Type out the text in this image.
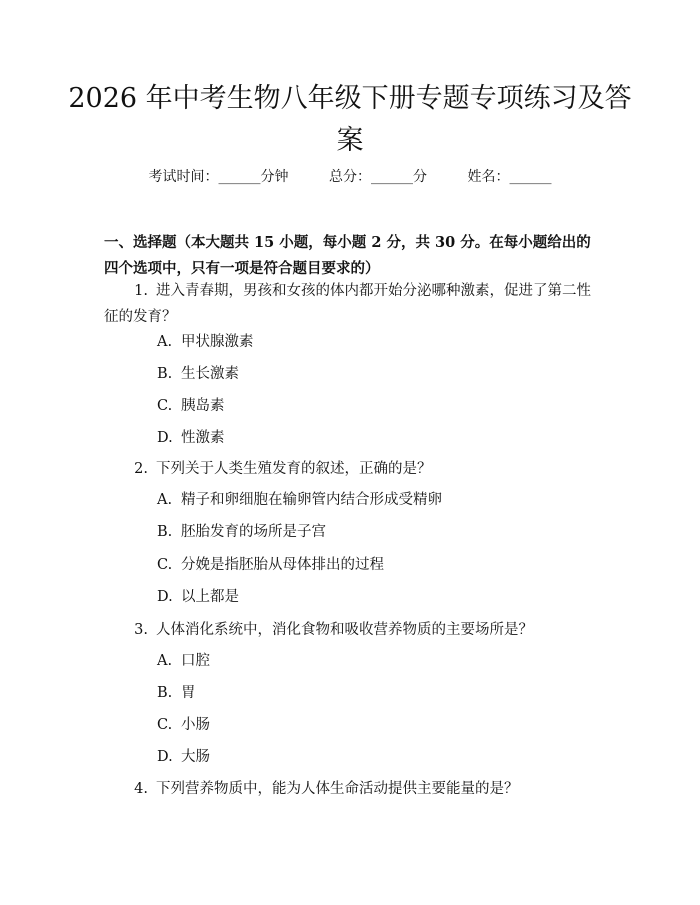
2026 年中考生物八年级下册专题专项练习及答案
考试时间：______分钟	总分：______分	姓名：______

一、选择题（本大题共 15 小题，每小题 2 分，共 30 分。在每小题给出的四个选项中，只有一项是符合题目要求的）

1. 进入青春期，男孩和女孩的体内都开始分泌哪种激素，促进了第二性征的发育？

A. 甲状腺激素
B. 生长激素
C. 胰岛素
D. 性激素

2. 下列关于人类生殖发育的叙述，正确的是？

A. 精子和卵细胞在输卵管内结合形成受精卵
B. 胚胎发育的场所是子宫
C. 分娩是指胚胎从母体排出的过程
D. 以上都是

3. 人体消化系统中，消化食物和吸收营养物质的主要场所是？

A. 口腔
B. 胃
C. 小肠
D. 大肠

4. 下列营养物质中，能为人体生命活动提供主要能量的是？
